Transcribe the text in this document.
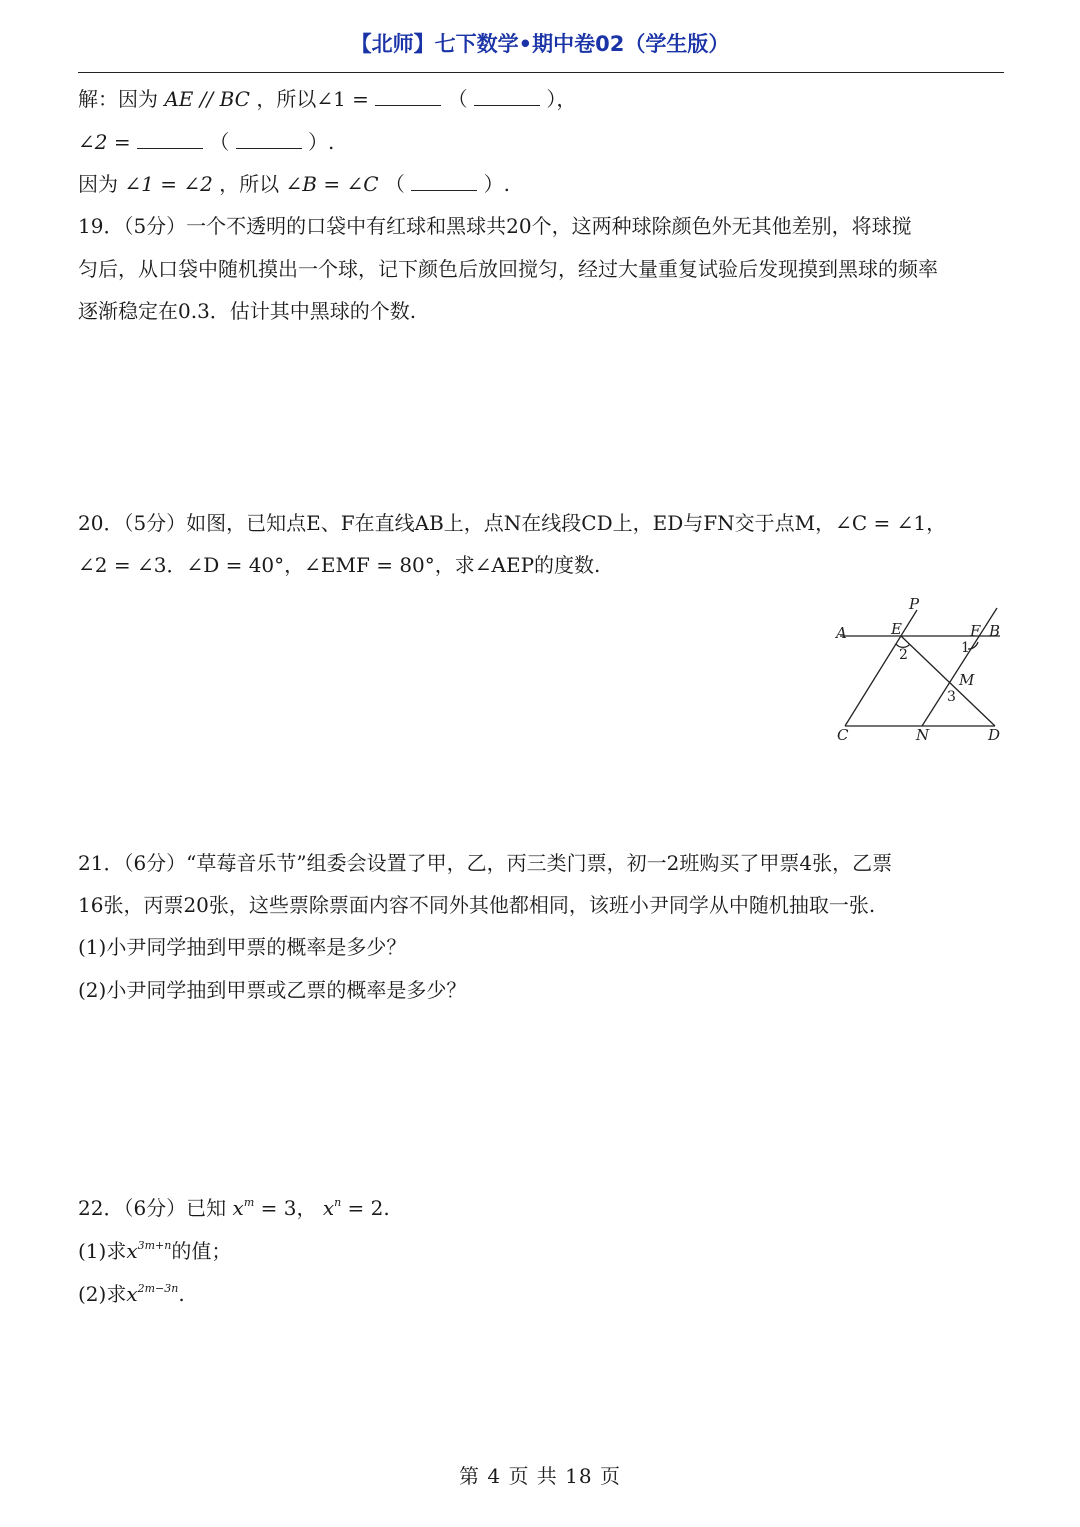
【北师】七下数学•期中卷02（学生版）
解：因为 AE // BC ，所以∠1 =	（	），
∠2 =	（	）.
因为 ∠1 = ∠2 ，所以 ∠B = ∠C （	）.
19．（5分）一个不透明的口袋中有红球和黑球共20个，这两种球除颜色外无其他差别，将球搅
匀后，从口袋中随机摸出一个球，记下颜色后放回搅匀，经过大量重复试验后发现摸到黑球的频率
逐渐稳定在0.3．估计其中黑球的个数.
20．（5分）如图，已知点E、F在直线AB上，点N在线段CD上，ED与FN交于点M，∠C = ∠1，
∠2 = ∠3．∠D = 40°，∠EMF = 80°，求∠AEP的度数.
P
A	E	F B
M
C	N	D
1
2
3
21．（6分）“草莓音乐节”组委会设置了甲，乙，丙三类门票，初一2班购买了甲票4张，乙票
16张，丙票20张，这些票除票面内容不同外其他都相同，该班小尹同学从中随机抽取一张.
(1)小尹同学抽到甲票的概率是多少？
(2)小尹同学抽到甲票或乙票的概率是多少？
22．（6分）已知 $x^m = 3$， $x^n = 2$.
(1)求$x^{3m+n}$的值；
(2)求$x^{2m-3n}$.
第 4 页 共 18 页
